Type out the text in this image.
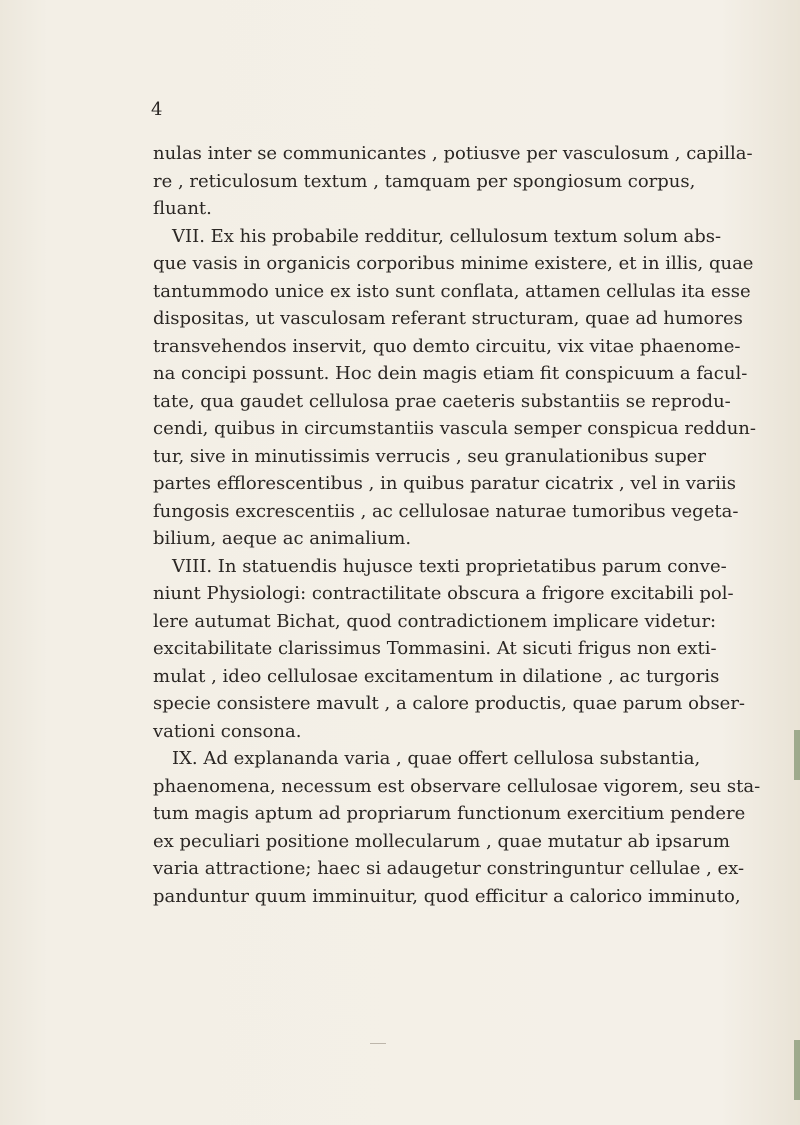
4
nulas inter se communicantes , potiusve per vasculosum , capilla-
re , reticulosum textum , tamquam per spongiosum corpus,
fluant.
VII. Ex his probabile redditur, cellulosum textum solum abs-
que vasis in organicis corporibus minime existere, et in illis, quae
tantummodo unice ex isto sunt conflata, attamen cellulas ita esse
dispositas, ut vasculosam referant structuram, quae ad humores
transvehendos inservit, quo demto circuitu, vix vitae phaenome-
na concipi possunt. Hoc dein magis etiam fit conspicuum a facul-
tate, qua gaudet cellulosa prae caeteris substantiis se reprodu-
cendi, quibus in circumstantiis vascula semper conspicua reddun-
tur, sive in minutissimis verrucis , seu granulationibus super
partes efflorescentibus , in quibus paratur cicatrix , vel in variis
fungosis excrescentiis , ac cellulosae naturae tumoribus vegeta-
bilium, aeque ac animalium.
VIII. In statuendis hujusce texti proprietatibus parum conve-
niunt Physiologi: contractilitate obscura a frigore excitabili pol-
lere autumat Bichat, quod contradictionem implicare videtur:
excitabilitate clarissimus Tommasini. At sicuti frigus non exti-
mulat , ideo cellulosae excitamentum in dilatione , ac turgoris
specie consistere mavult , a calore productis, quae parum obser-
vationi consona.
IX. Ad explananda varia , quae offert cellulosa substantia,
phaenomena, necessum est observare cellulosae vigorem, seu sta-
tum magis aptum ad propriarum functionum exercitium pendere
ex peculiari positione mollecularum , quae mutatur ab ipsarum
varia attractione; haec si adaugetur constringuntur cellulae , ex-
panduntur quum imminuitur, quod efficitur a calorico imminuto,
